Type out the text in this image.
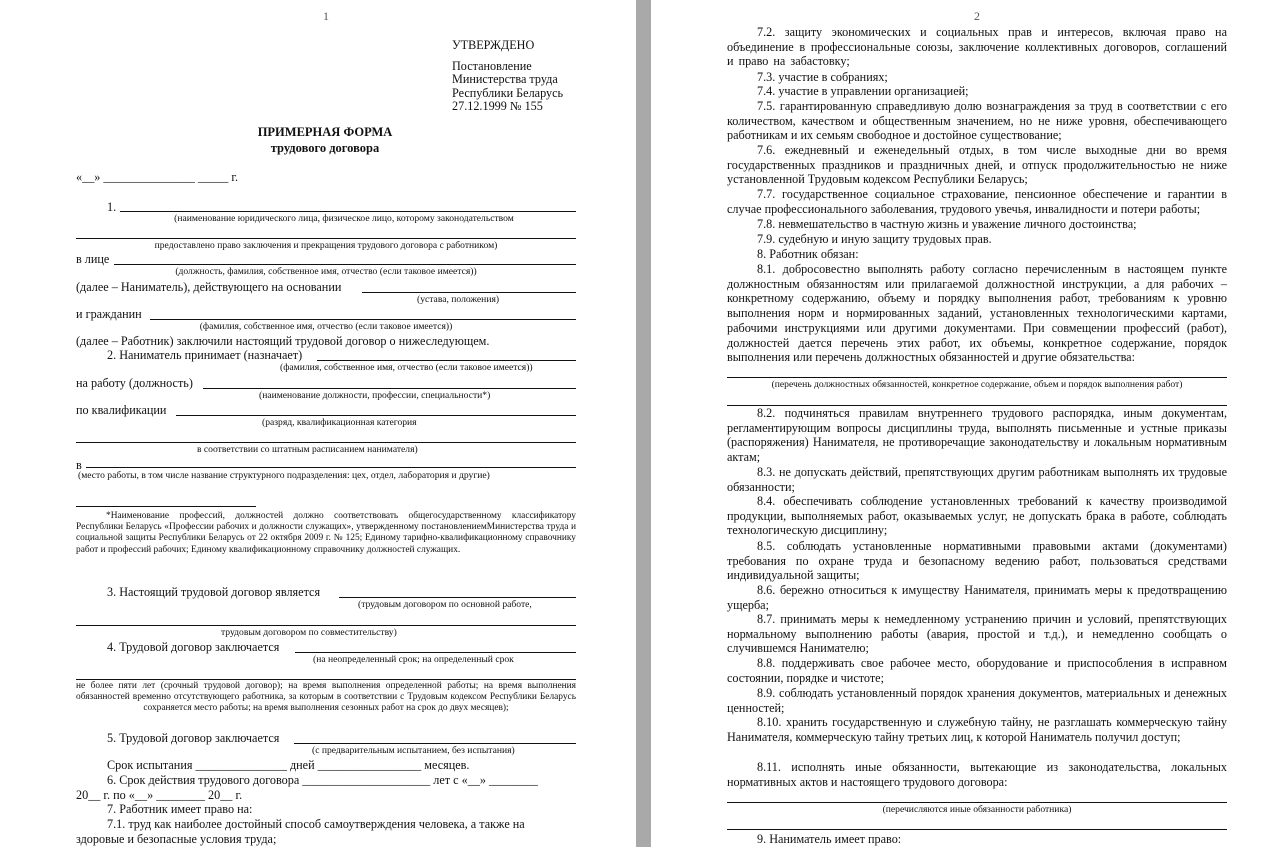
1
УТВЕРЖДЕНО
Постановление
Министерства труда
Республики Беларусь
27.12.1999 № 155
ПРИМЕРНАЯ ФОРМА
трудового договора
«__» _______________ _____ г.
1.
(наименование юридического лица, физическое лицо, которому законодательством
предоставлено право заключения и прекращения трудового договора с работником)
в лице
(должность, фамилия, собственное имя, отчество (если таковое имеется))
(далее – Наниматель), действующего на основании
(устава, положения)
и гражданин
(фамилия, собственное имя, отчество (если таковое имеется))
(далее – Работник) заключили настоящий трудовой договор о нижеследующем.
2. Наниматель принимает (назначает)
(фамилия, собственное имя, отчество (если таковое имеется))
на работу (должность)
(наименование должности, профессии, специальности*)
по квалификации
(разряд, квалификационная категория
в соответствии со штатным расписанием нанимателя)
в
(место работы, в том числе название структурного подразделения: цех, отдел, лаборатория и другие)
*Наименование профессий, должностей должно соответствовать общегосударственному классификатору Республики Беларусь «Профессии рабочих и должности служащих», утвержденному постановлениемМинистерства труда и социальной защиты Республики Беларусь от 22 октября 2009 г. № 125; Единому тарифно-квалификационному справочнику работ и профессий рабочих; Единому квалификационному справочнику должностей служащих.
3. Настоящий трудовой договор является
(трудовым договором по основной работе,
трудовым договором по совместительству)
4. Трудовой договор заключается
(на неопределенный срок; на определенный срок
не более пяти лет (срочный трудовой договор); на время выполнения определенной работы; на время выполнения обязанностей временно отсутствующего работника, за которым в соответствии с Трудовым кодексом Республики Беларусь сохраняется место работы; на время выполнения сезонных работ на срок до двух месяцев);
5. Трудовой договор заключается
(с предварительным испытанием, без испытания)
Срок испытания _______________ дней _________________ месяцев.
6. Срок действия трудового договора _____________________ лет с «__» ________
20__ г. по «__» ________ 20__ г.
7. Работник имеет право на:
7.1. труд как наиболее достойный способ самоутверждения человека, а также на
здоровые и безопасные условия труда;
2
7.2. защиту экономических и социальных прав и интересов, включая право на объединение в профессиональные союзы, заключение коллективных договоров, соглашений и право на забастовку;
7.3. участие в собраниях;
7.4. участие в управлении организацией;
7.5. гарантированную справедливую долю вознаграждения за труд в соответствии с его количеством, качеством и общественным значением, но не ниже уровня, обеспечивающего работникам и их семьям свободное и достойное существование;
7.6. ежедневный и еженедельный отдых, в том числе выходные дни во время государственных праздников и праздничных дней, и отпуск продолжительностью не ниже установленной Трудовым кодексом Республики Беларусь;
7.7. государственное социальное страхование, пенсионное обеспечение и гарантии в случае профессионального заболевания, трудового увечья, инвалидности и потери работы;
7.8. невмешательство в частную жизнь и уважение личного достоинства;
7.9. судебную и иную защиту трудовых прав.
8. Работник обязан:
8.1. добросовестно выполнять работу согласно перечисленным в настоящем пункте должностным обязанностям или прилагаемой должностной инструкции, а для рабочих – конкретному содержанию, объему и порядку выполнения работ, требованиям к уровню выполнения норм и нормированных заданий, установленных технологическими картами, рабочими инструкциями или другими документами. При совмещении профессий (работ), должностей дается перечень этих работ, их объемы, конкретное содержание, порядок выполнения или перечень должностных обязанностей и другие обязательства:
(перечень должностных обязанностей, конкретное содержание, объем и порядок выполнения работ)
8.2. подчиняться правилам внутреннего трудового распорядка, иным документам, регламентирующим вопросы дисциплины труда, выполнять письменные и устные приказы (распоряжения) Нанимателя, не противоречащие законодательству и локальным нормативным актам;
8.3. не допускать действий, препятствующих другим работникам выполнять их трудовые обязанности;
8.4. обеспечивать соблюдение установленных требований к качеству производимой продукции, выполняемых работ, оказываемых услуг, не допускать брака в работе, соблюдать технологическую дисциплину;
8.5. соблюдать установленные нормативными правовыми актами (документами) требования по охране труда и безопасному ведению работ, пользоваться средствами индивидуальной защиты;
8.6. бережно относиться к имуществу Нанимателя, принимать меры к предотвращению ущерба;
8.7. принимать меры к немедленному устранению причин и условий, препятствующих нормальному выполнению работы (авария, простой и т.д.), и немедленно сообщать о случившемся Нанимателю;
8.8. поддерживать свое рабочее место, оборудование и приспособления в исправном состоянии, порядке и чистоте;
8.9. соблюдать установленный порядок хранения документов, материальных и денежных ценностей;
8.10. хранить государственную и служебную тайну, не разглашать коммерческую тайну Нанимателя, коммерческую тайну третьих лиц, к которой Наниматель получил доступ;
8.11. исполнять иные обязанности, вытекающие из законодательства, локальных нормативных актов и настоящего трудового договора:
(перечисляются иные обязанности работника)
9. Наниматель имеет право:
